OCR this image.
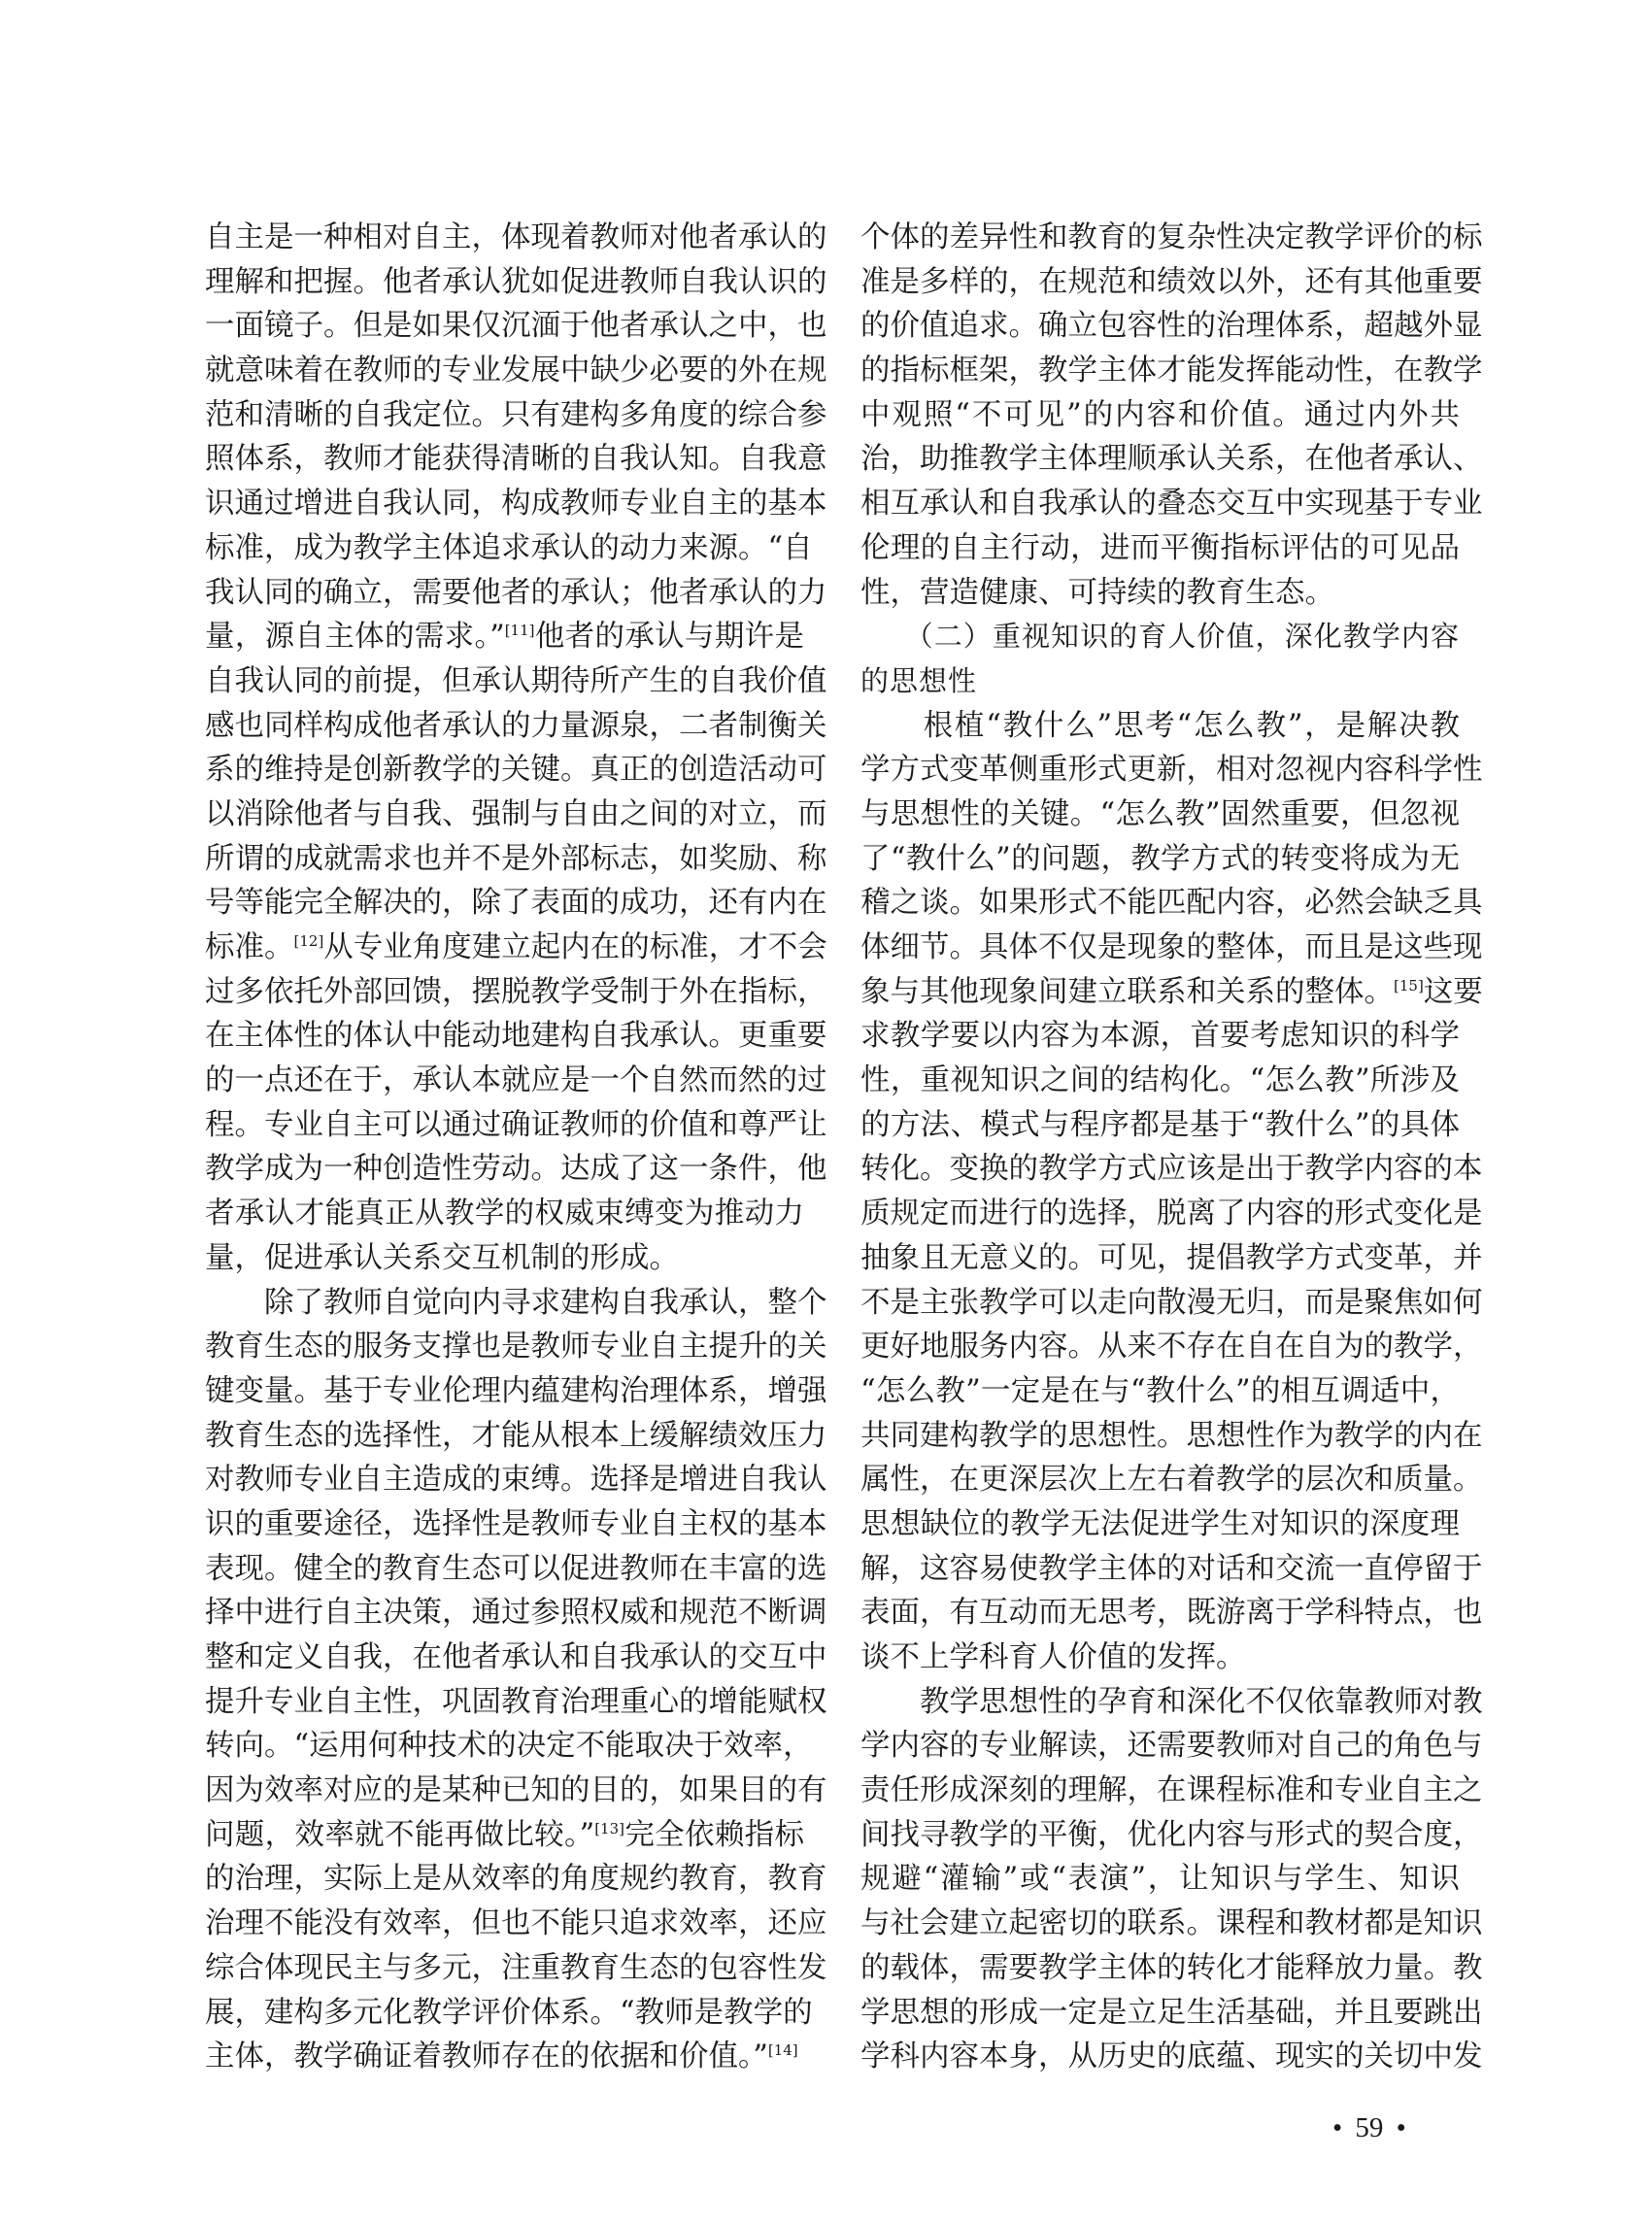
自主是一种相对自主，体现着教师对他者承认的
理解和把握。他者承认犹如促进教师自我认识的
一面镜子。但是如果仅沉湎于他者承认之中，也
就意味着在教师的专业发展中缺少必要的外在规
范和清晰的自我定位。只有建构多角度的综合参
照体系，教师才能获得清晰的自我认知。自我意
识通过增进自我认同，构成教师专业自主的基本
标准，成为教学主体追求承认的动力来源。“自
我认同的确立，需要他者的承认；他者承认的力
量，源自主体的需求。”[11]他者的承认与期许是
自我认同的前提，但承认期待所产生的自我价值
感也同样构成他者承认的力量源泉，二者制衡关
系的维持是创新教学的关键。真正的创造活动可
以消除他者与自我、强制与自由之间的对立，而
所谓的成就需求也并不是外部标志，如奖励、称
号等能完全解决的，除了表面的成功，还有内在
标准。[12]从专业角度建立起内在的标准，才不会
过多依托外部回馈，摆脱教学受制于外在指标，
在主体性的体认中能动地建构自我承认。更重要
的一点还在于，承认本就应是一个自然而然的过
程。专业自主可以通过确证教师的价值和尊严让
教学成为一种创造性劳动。达成了这一条件，他
者承认才能真正从教学的权威束缚变为推动力
量，促进承认关系交互机制的形成。
　　除了教师自觉向内寻求建构自我承认，整个
教育生态的服务支撑也是教师专业自主提升的关
键变量。基于专业伦理内蕴建构治理体系，增强
教育生态的选择性，才能从根本上缓解绩效压力
对教师专业自主造成的束缚。选择是增进自我认
识的重要途径，选择性是教师专业自主权的基本
表现。健全的教育生态可以促进教师在丰富的选
择中进行自主决策，通过参照权威和规范不断调
整和定义自我，在他者承认和自我承认的交互中
提升专业自主性，巩固教育治理重心的增能赋权
转向。“运用何种技术的决定不能取决于效率，
因为效率对应的是某种已知的目的，如果目的有
问题，效率就不能再做比较。”[13]完全依赖指标
的治理，实际上是从效率的角度规约教育，教育
治理不能没有效率，但也不能只追求效率，还应
综合体现民主与多元，注重教育生态的包容性发
展，建构多元化教学评价体系。“教师是教学的
主体，教学确证着教师存在的依据和价值。”[14]
个体的差异性和教育的复杂性决定教学评价的标
准是多样的，在规范和绩效以外，还有其他重要
的价值追求。确立包容性的治理体系，超越外显
的指标框架，教学主体才能发挥能动性，在教学
中观照“不可见”的内容和价值。通过内外共
治，助推教学主体理顺承认关系，在他者承认、
相互承认和自我承认的叠态交互中实现基于专业
伦理的自主行动，进而平衡指标评估的可见品
性，营造健康、可持续的教育生态。
　　（二）重视知识的育人价值，深化教学内容
的思想性
　　根植“教什么”思考“怎么教”，是解决教
学方式变革侧重形式更新，相对忽视内容科学性
与思想性的关键。“怎么教”固然重要，但忽视
了“教什么”的问题，教学方式的转变将成为无
稽之谈。如果形式不能匹配内容，必然会缺乏具
体细节。具体不仅是现象的整体，而且是这些现
象与其他现象间建立联系和关系的整体。[15]这要
求教学要以内容为本源，首要考虑知识的科学
性，重视知识之间的结构化。“怎么教”所涉及
的方法、模式与程序都是基于“教什么”的具体
转化。变换的教学方式应该是出于教学内容的本
质规定而进行的选择，脱离了内容的形式变化是
抽象且无意义的。可见，提倡教学方式变革，并
不是主张教学可以走向散漫无归，而是聚焦如何
更好地服务内容。从来不存在自在自为的教学，
“怎么教”一定是在与“教什么”的相互调适中，
共同建构教学的思想性。思想性作为教学的内在
属性，在更深层次上左右着教学的层次和质量。
思想缺位的教学无法促进学生对知识的深度理
解，这容易使教学主体的对话和交流一直停留于
表面，有互动而无思考，既游离于学科特点，也
谈不上学科育人价值的发挥。
　　教学思想性的孕育和深化不仅依靠教师对教
学内容的专业解读，还需要教师对自己的角色与
责任形成深刻的理解，在课程标准和专业自主之
间找寻教学的平衡，优化内容与形式的契合度，
规避“灌输”或“表演”，让知识与学生、知识
与社会建立起密切的联系。课程和教材都是知识
的载体，需要教学主体的转化才能释放力量。教
学思想的形成一定是立足生活基础，并且要跳出
学科内容本身，从历史的底蕴、现实的关切中发
• 59 •
